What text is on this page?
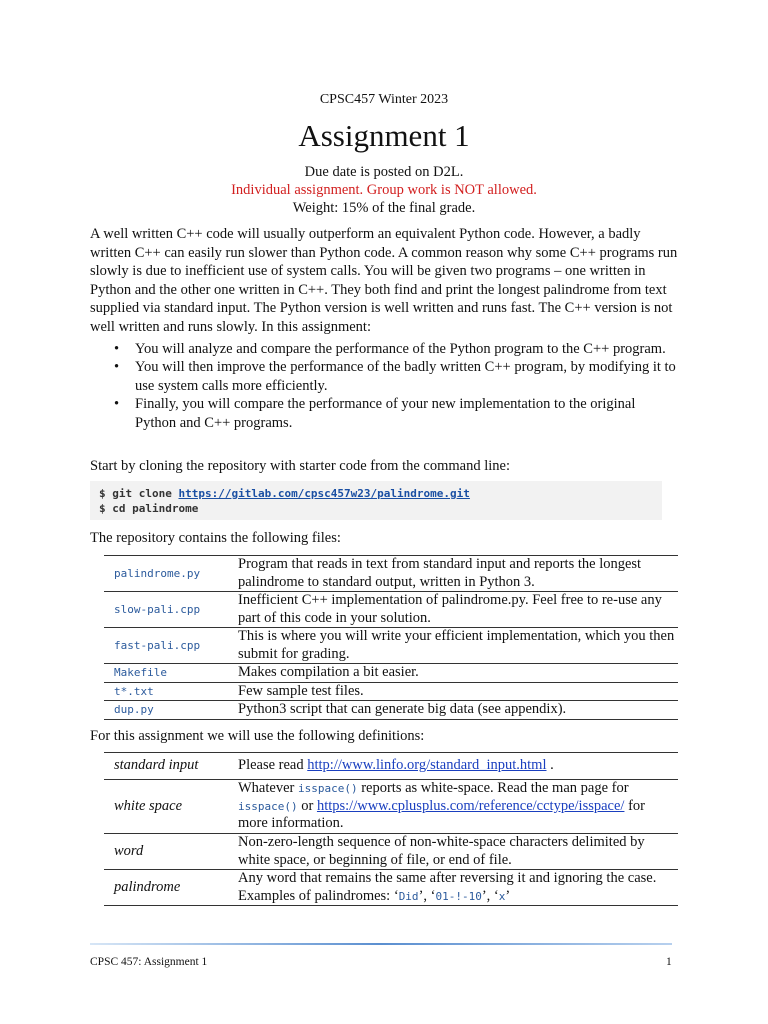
CPSC457 Winter 2023
Assignment 1
Due date is posted on D2L.
Individual assignment. Group work is NOT allowed.
Weight: 15% of the final grade.
A well written C++ code will usually outperform an equivalent Python code. However, a badly written C++ can easily run slower than Python code. A common reason why some C++ programs run slowly is due to inefficient use of system calls. You will be given two programs – one written in Python and the other one written in C++. They both find and print the longest palindrome from text supplied via standard input. The Python version is well written and runs fast. The C++ version is not well written and runs slowly. In this assignment:
• You will analyze and compare the performance of the Python program to the C++ program.
• You will then improve the performance of the badly written C++ program, by modifying it to use system calls more efficiently.
• Finally, you will compare the performance of your new implementation to the original Python and C++ programs.
Start by cloning the repository with starter code from the command line:
$ git clone https://gitlab.com/cpsc457w23/palindrome.git
$ cd palindrome
The repository contains the following files:
palindrome.py	Program that reads in text from standard input and reports the longest palindrome to standard output, written in Python 3.
slow-pali.cpp	Inefficient C++ implementation of palindrome.py. Feel free to re-use any part of this code in your solution.
fast-pali.cpp	This is where you will write your efficient implementation, which you then submit for grading.
Makefile	Makes compilation a bit easier.
t*.txt	Few sample test files.
dup.py	Python3 script that can generate big data (see appendix).
For this assignment we will use the following definitions:
standard input	Please read http://www.linfo.org/standard_input.html .
white space	Whatever isspace() reports as white-space. Read the man page for isspace() or https://www.cplusplus.com/reference/cctype/isspace/ for more information.
word	Non-zero-length sequence of non-white-space characters delimited by white space, or beginning of file, or end of file.
palindrome	Any word that remains the same after reversing it and ignoring the case.
Examples of palindromes: ‘Did’, ‘01-!-10’, ‘x’
CPSC 457: Assignment 1	1
